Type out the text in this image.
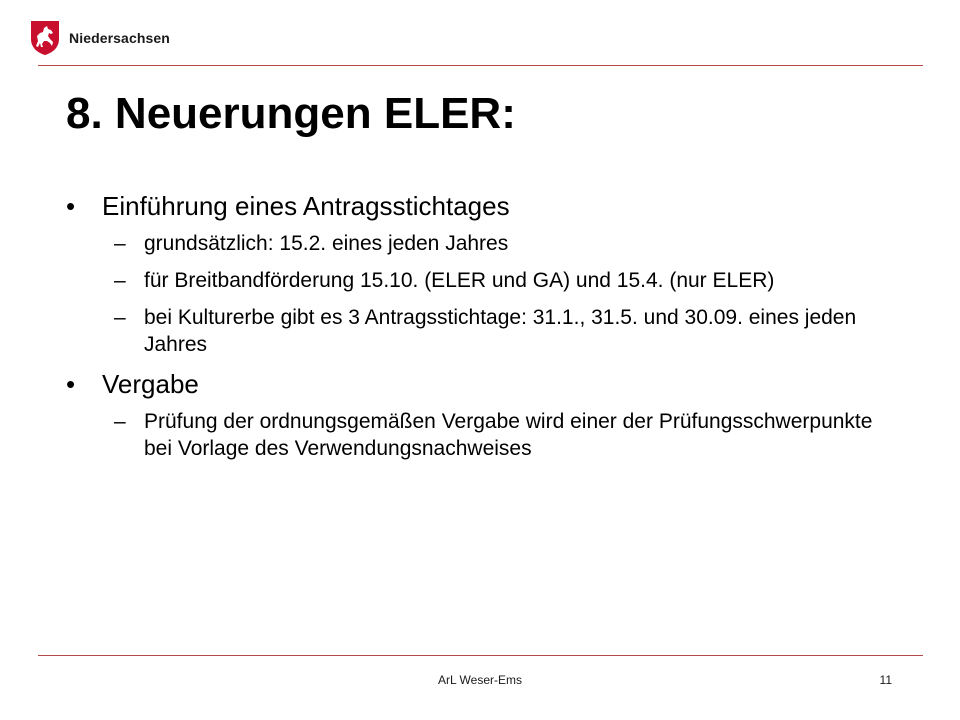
Niedersachsen
8. Neuerungen ELER:
• Einführung eines Antragsstichtages
– grundsätzlich: 15.2. eines jeden Jahres
– für Breitbandförderung 15.10. (ELER und GA) und 15.4. (nur ELER)
– bei Kulturerbe gibt es 3 Antragsstichtage: 31.1., 31.5. und 30.09. eines jeden Jahres
• Vergabe
– Prüfung der ordnungsgemäßen Vergabe wird einer der Prüfungsschwerpunkte bei Vorlage des Verwendungsnachweises
ArL Weser-Ems	11
